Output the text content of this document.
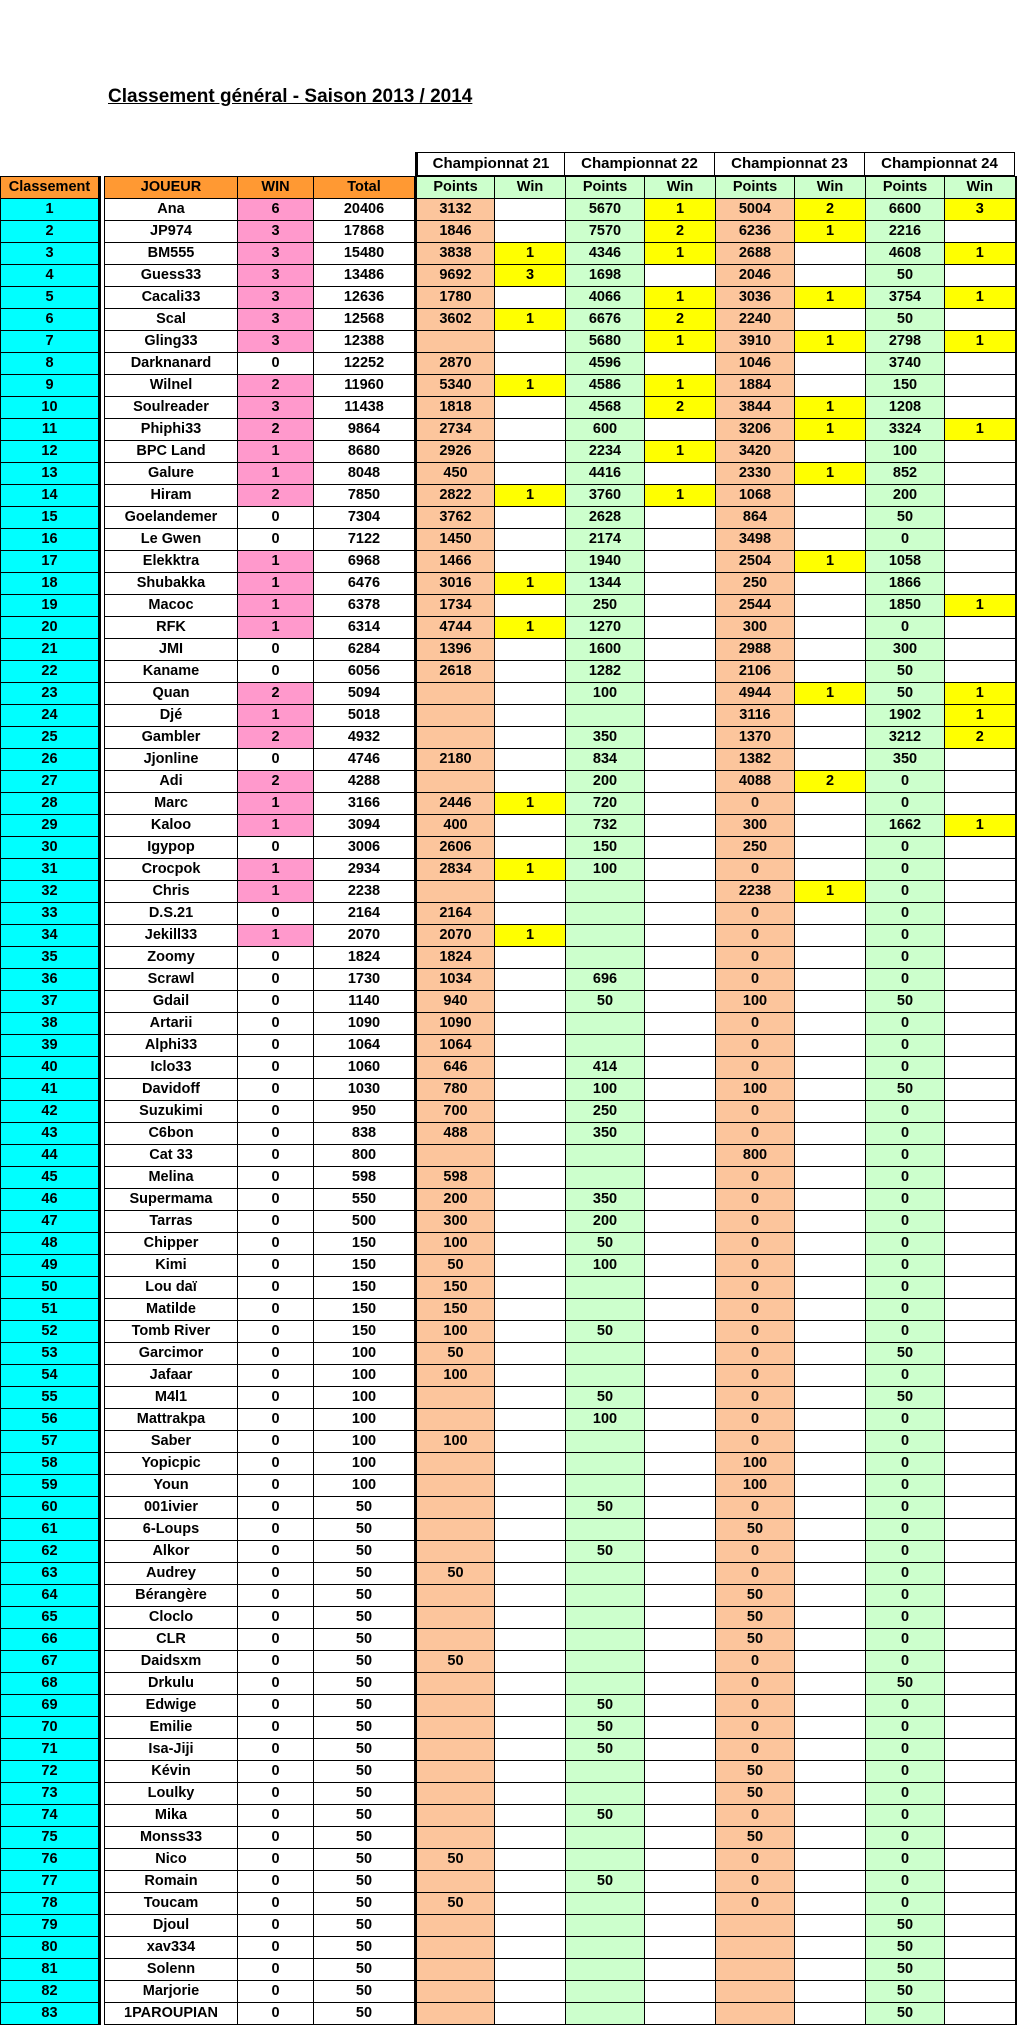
Classement général - Saison 2013 / 2014
Championnat 21	Championnat 22	Championnat 23	Championnat 24
Classement		JOUEUR	WIN	Total	Points	Win	Points	Win	Points	Win	Points	Win
1		Ana	6	20406	3132		5670	1	5004	2	6600	3
2		JP974	3	17868	1846		7570	2	6236	1	2216	
3		BM555	3	15480	3838	1	4346	1	2688		4608	1
4		Guess33	3	13486	9692	3	1698		2046		50	
5		Cacali33	3	12636	1780		4066	1	3036	1	3754	1
6		Scal	3	12568	3602	1	6676	2	2240		50	
7		Gling33	3	12388			5680	1	3910	1	2798	1
8		Darknanard	0	12252	2870		4596		1046		3740	
9		Wilnel	2	11960	5340	1	4586	1	1884		150	
10		Soulreader	3	11438	1818		4568	2	3844	1	1208	
11		Phiphi33	2	9864	2734		600		3206	1	3324	1
12		BPC Land	1	8680	2926		2234	1	3420		100	
13		Galure	1	8048	450		4416		2330	1	852	
14		Hiram	2	7850	2822	1	3760	1	1068		200	
15		Goelandemer	0	7304	3762		2628		864		50	
16		Le Gwen	0	7122	1450		2174		3498		0	
17		Elekktra	1	6968	1466		1940		2504	1	1058	
18		Shubakka	1	6476	3016	1	1344		250		1866	
19		Macoc	1	6378	1734		250		2544		1850	1
20		RFK	1	6314	4744	1	1270		300		0	
21		JMI	0	6284	1396		1600		2988		300	
22		Kaname	0	6056	2618		1282		2106		50	
23		Quan	2	5094			100		4944	1	50	1
24		Djé	1	5018					3116		1902	1
25		Gambler	2	4932			350		1370		3212	2
26		Jjonline	0	4746	2180		834		1382		350	
27		Adi	2	4288			200		4088	2	0	
28		Marc	1	3166	2446	1	720		0		0	
29		Kaloo	1	3094	400		732		300		1662	1
30		Igypop	0	3006	2606		150		250		0	
31		Crocpok	1	2934	2834	1	100		0		0	
32		Chris	1	2238					2238	1	0	
33		D.S.21	0	2164	2164				0		0	
34		Jekill33	1	2070	2070	1			0		0	
35		Zoomy	0	1824	1824				0		0	
36		Scrawl	0	1730	1034		696		0		0	
37		Gdail	0	1140	940		50		100		50	
38		Artarii	0	1090	1090				0		0	
39		Alphi33	0	1064	1064				0		0	
40		Iclo33	0	1060	646		414		0		0	
41		Davidoff	0	1030	780		100		100		50	
42		Suzukimi	0	950	700		250		0		0	
43		C6bon	0	838	488		350		0		0	
44		Cat 33	0	800					800		0	
45		Melina	0	598	598				0		0	
46		Supermama	0	550	200		350		0		0	
47		Tarras	0	500	300		200		0		0	
48		Chipper	0	150	100		50		0		0	
49		Kimi	0	150	50		100		0		0	
50		Lou daï	0	150	150				0		0	
51		Matilde	0	150	150				0		0	
52		Tomb River	0	150	100		50		0		0	
53		Garcimor	0	100	50				0		50	
54		Jafaar	0	100	100				0		0	
55		M4l1	0	100			50		0		50	
56		Mattrakpa	0	100			100		0		0	
57		Saber	0	100	100				0		0	
58		Yopicpic	0	100					100		0	
59		Youn	0	100					100		0	
60		001ivier	0	50			50		0		0	
61		6-Loups	0	50					50		0	
62		Alkor	0	50			50		0		0	
63		Audrey	0	50	50				0		0	
64		Bérangère	0	50					50		0	
65		Cloclo	0	50					50		0	
66		CLR	0	50					50		0	
67		Daidsxm	0	50	50				0		0	
68		Drkulu	0	50					0		50	
69		Edwige	0	50			50		0		0	
70		Emilie	0	50			50		0		0	
71		Isa-Jiji	0	50			50		0		0	
72		Kévin	0	50					50		0	
73		Loulky	0	50					50		0	
74		Mika	0	50			50		0		0	
75		Monss33	0	50					50		0	
76		Nico	0	50	50				0		0	
77		Romain	0	50			50		0		0	
78		Toucam	0	50	50				0		0	
79		Djoul	0	50							50	
80		xav334	0	50							50	
81		Solenn	0	50							50	
82		Marjorie	0	50							50	
83		1PAROUPIAN	0	50							50	
